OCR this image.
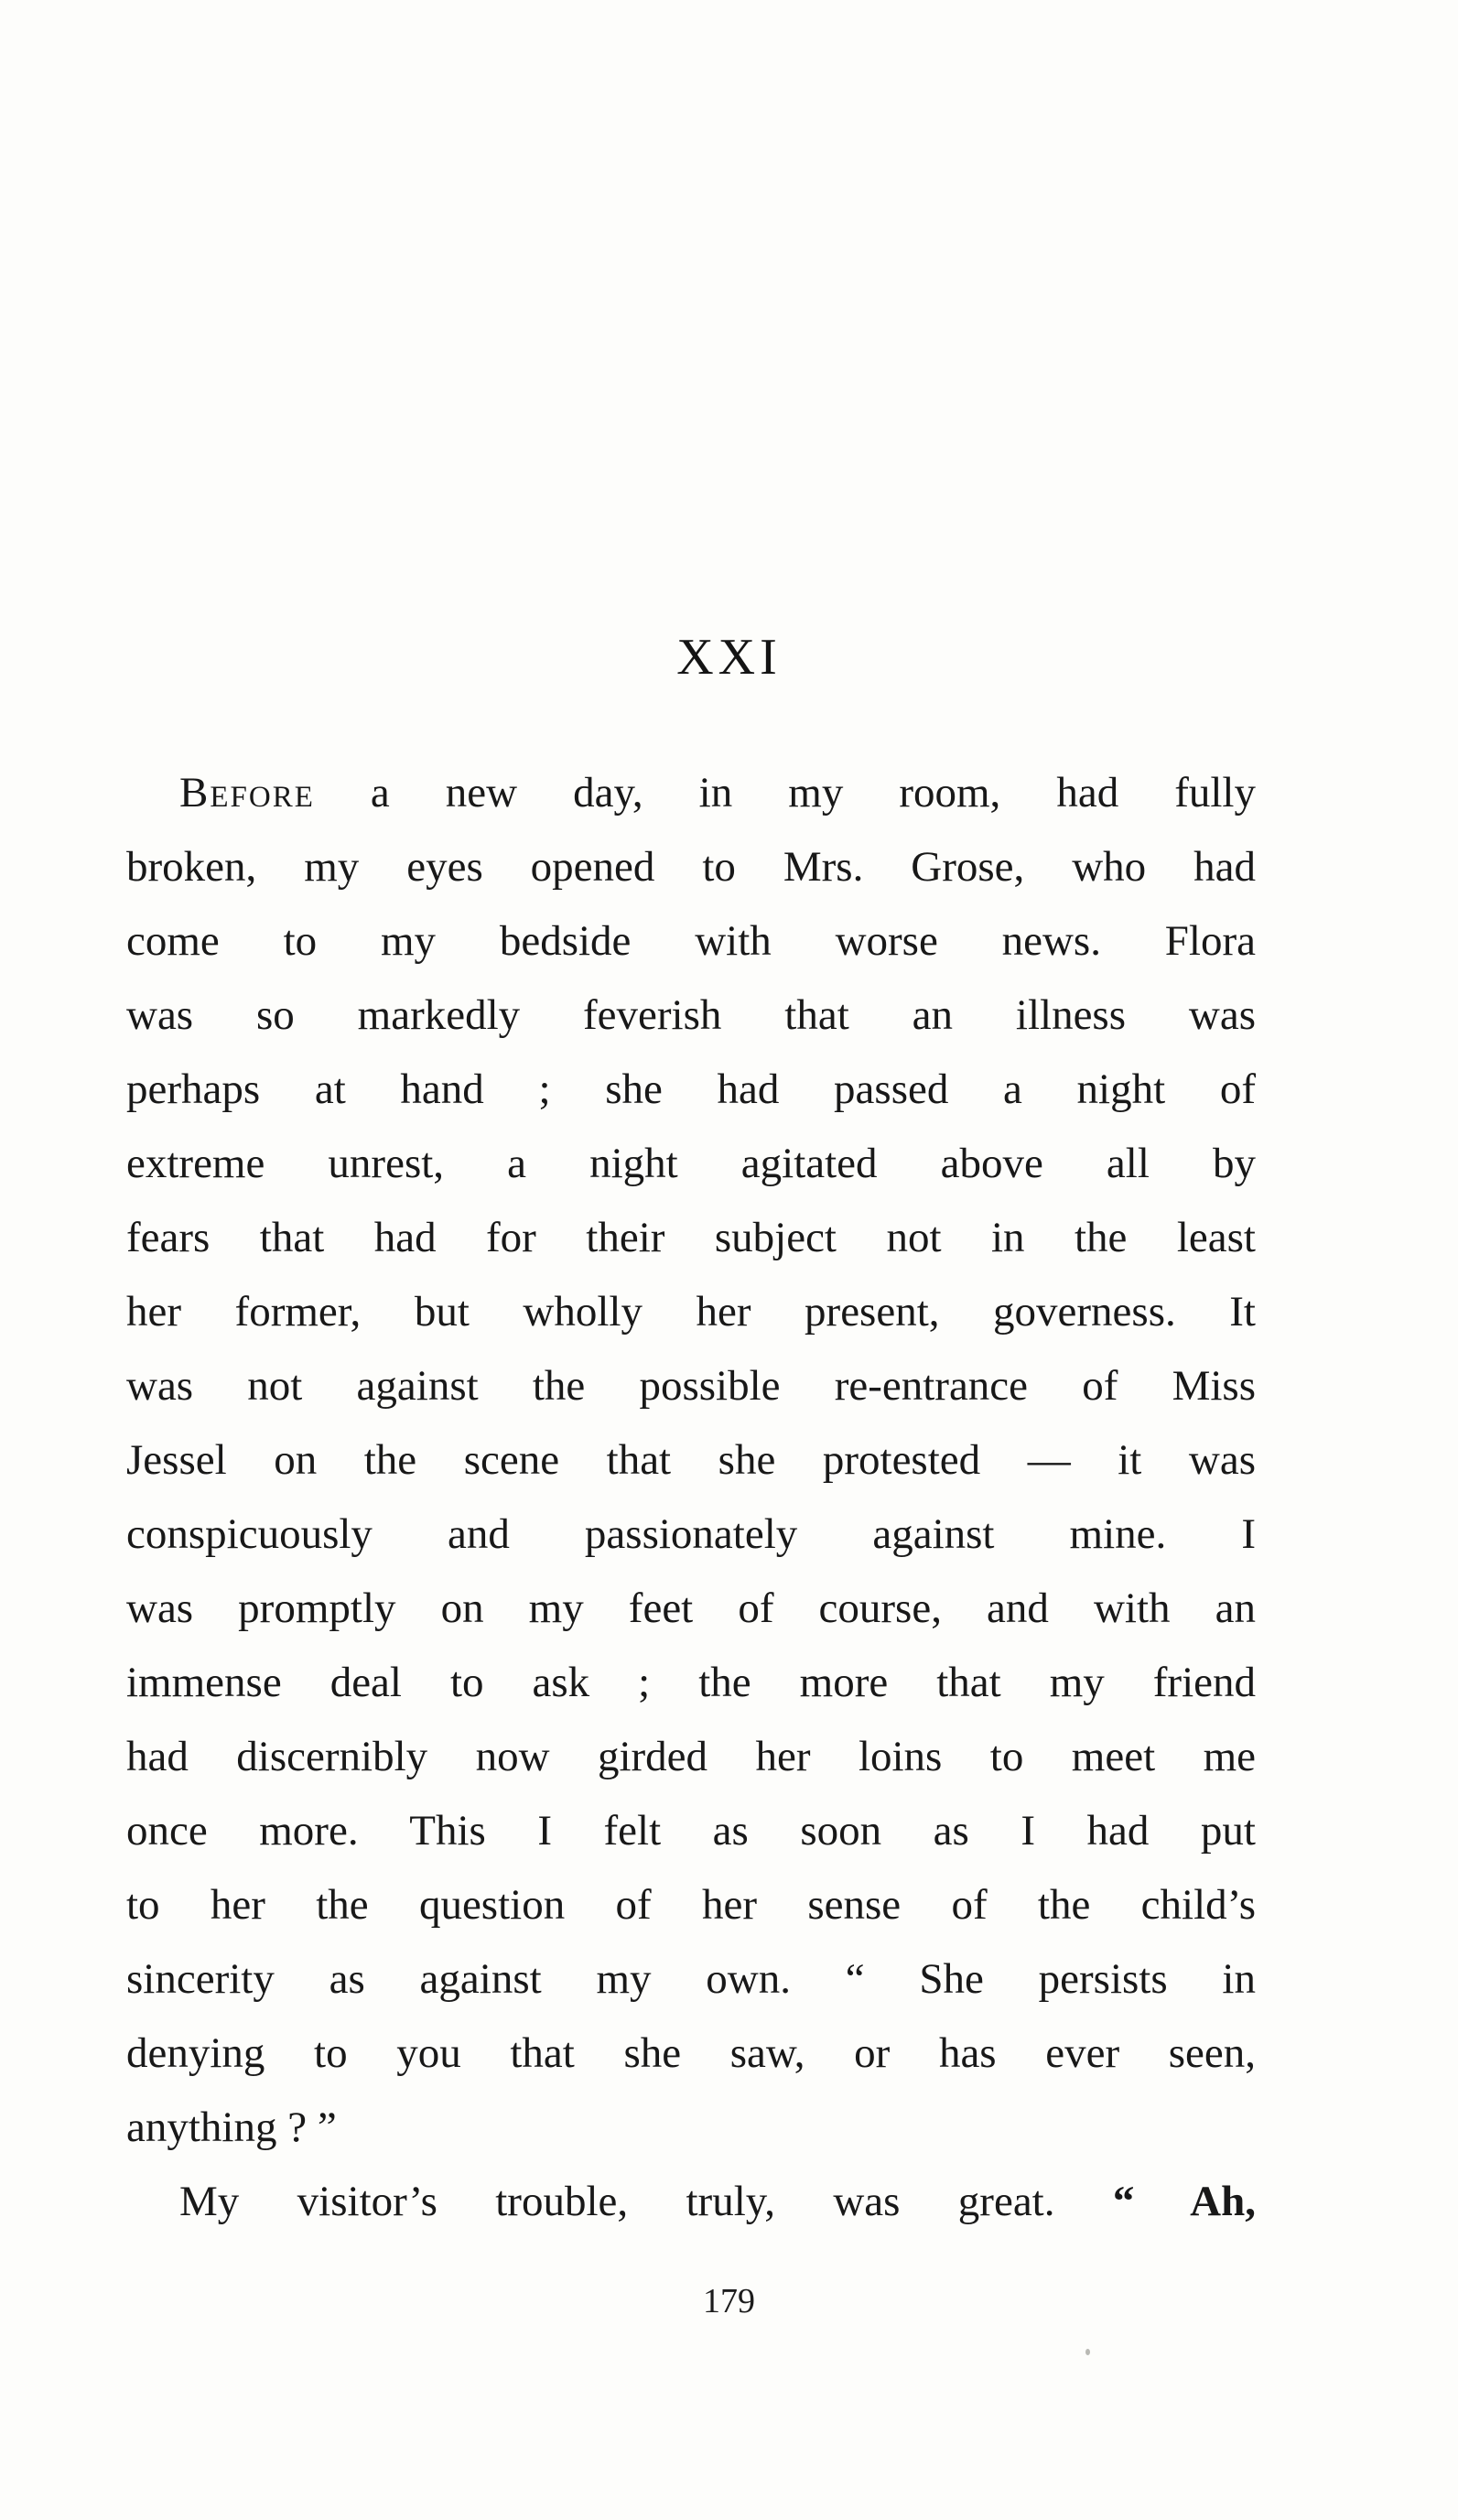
XXI

Before a new day, in my room, had fully
broken, my eyes opened to Mrs. Grose, who had
come to my bedside with worse news. Flora
was so markedly feverish that an illness was
perhaps at hand ; she had passed a night of
extreme unrest, a night agitated above all by
fears that had for their subject not in the least
her former, but wholly her present, governess. It
was not against the possible re-entrance of Miss
Jessel on the scene that she protested — it was
conspicuously and passionately against mine. I
was promptly on my feet of course, and with an
immense deal to ask ; the more that my friend
had discernibly now girded her loins to meet me
once more. This I felt as soon as I had put
to her the question of her sense of the child’s
sincerity as against my own. “ She persists in
denying to you that she saw, or has ever seen,
anything ? ”

My visitor’s trouble, truly, was great. “ Ah,

179
